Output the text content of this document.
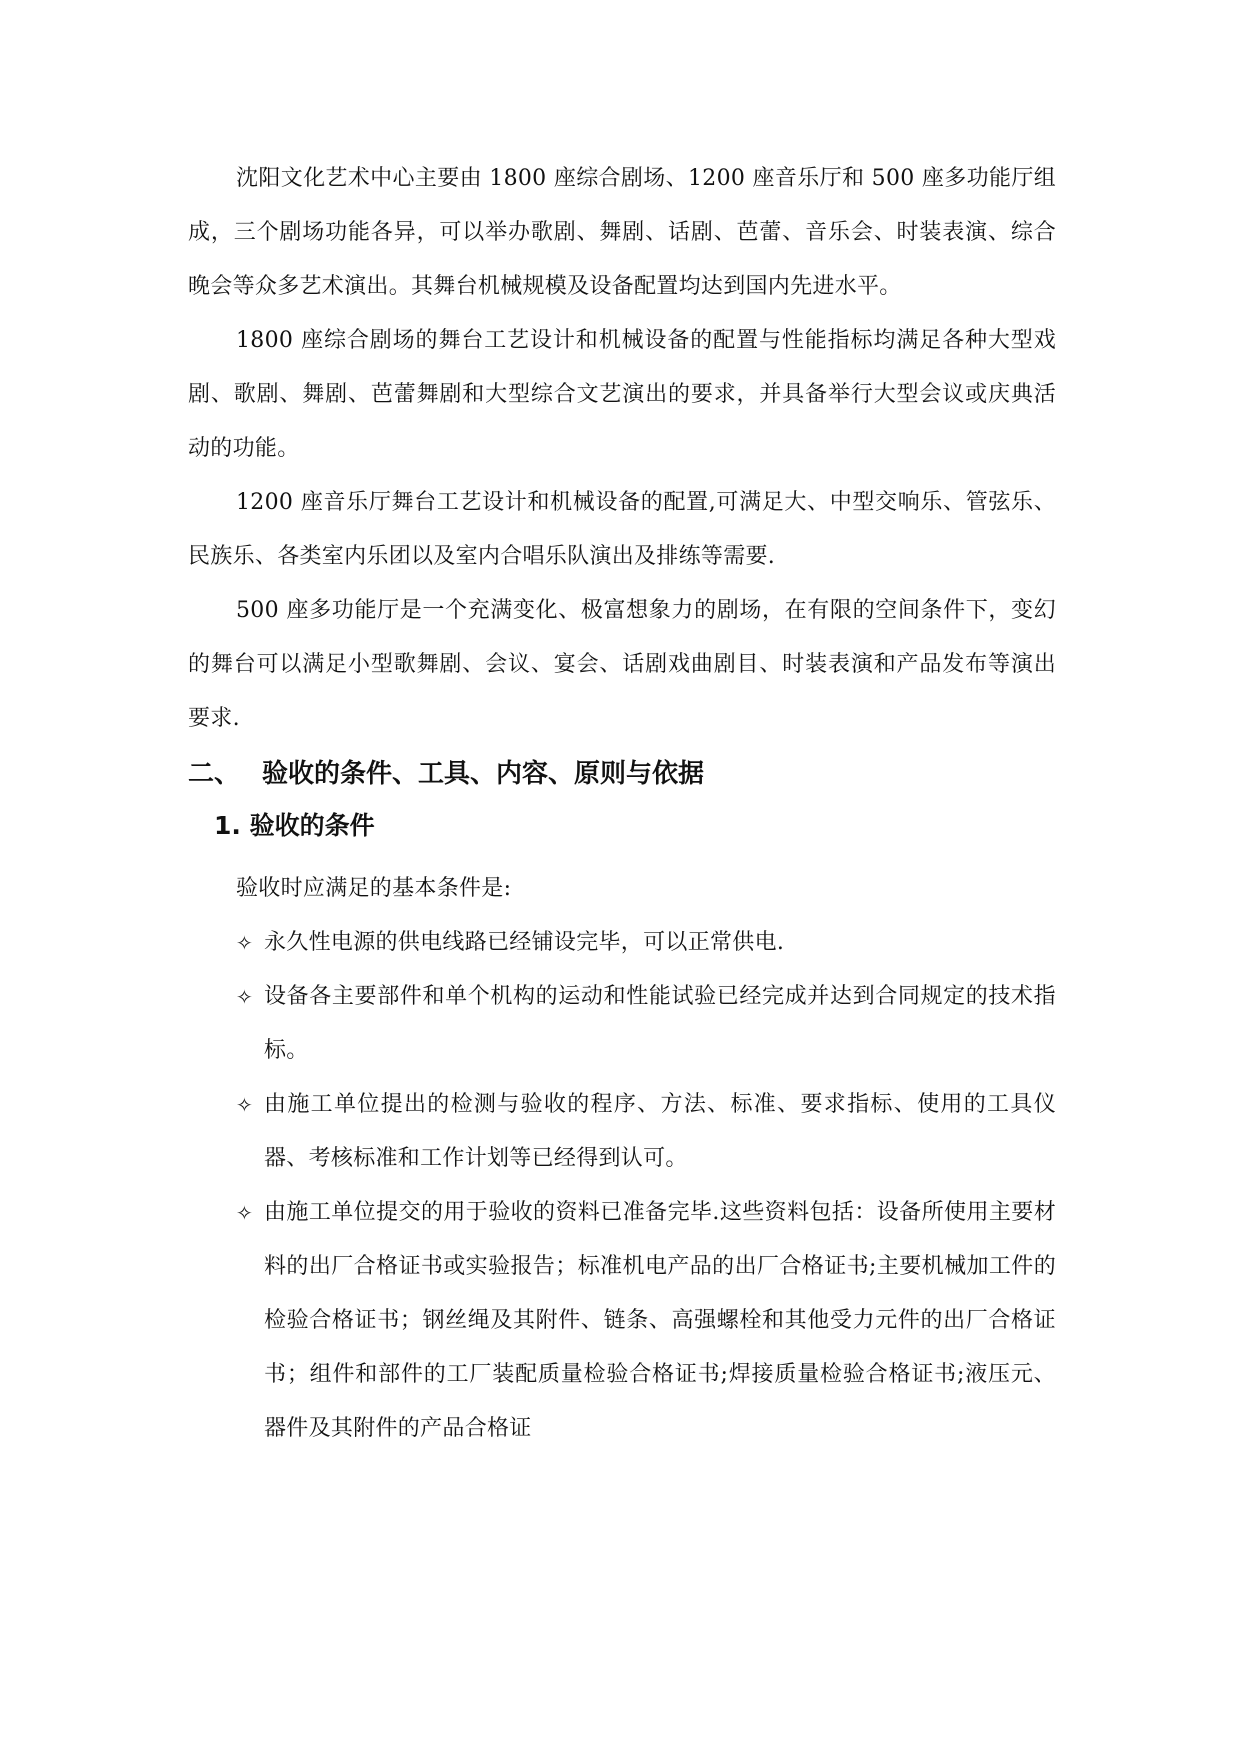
沈阳文化艺术中心主要由 1800 座综合剧场、1200 座音乐厅和 500 座多功能厅组成，三个剧场功能各异，可以举办歌剧、舞剧、话剧、芭蕾、音乐会、时装表演、综合晚会等众多艺术演出。其舞台机械规模及设备配置均达到国内先进水平。

1800 座综合剧场的舞台工艺设计和机械设备的配置与性能指标均满足各种大型戏剧、歌剧、舞剧、芭蕾舞剧和大型综合文艺演出的要求，并具备举行大型会议或庆典活动的功能。

1200 座音乐厅舞台工艺设计和机械设备的配置,可满足大、中型交响乐、管弦乐、民族乐、各类室内乐团以及室内合唱乐队演出及排练等需要.

500 座多功能厅是一个充满变化、极富想象力的剧场，在有限的空间条件下，变幻的舞台可以满足小型歌舞剧、会议、宴会、话剧戏曲剧目、时装表演和产品发布等演出要求.

二、 验收的条件、工具、内容、原则与依据
1. 验收的条件

验收时应满足的基本条件是:

✧ 永久性电源的供电线路已经铺设完毕，可以正常供电.
✧ 设备各主要部件和单个机构的运动和性能试验已经完成并达到合同规定的技术指标。
✧ 由施工单位提出的检测与验收的程序、方法、标准、要求指标、使用的工具仪器、考核标准和工作计划等已经得到认可。
✧ 由施工单位提交的用于验收的资料已准备完毕.这些资料包括：设备所使用主要材料的出厂合格证书或实验报告；标准机电产品的出厂合格证书;主要机械加工件的检验合格证书；钢丝绳及其附件、链条、高强螺栓和其他受力元件的出厂合格证书；组件和部件的工厂装配质量检验合格证书;焊接质量检验合格证书;液压元、器件及其附件的产品合格证
